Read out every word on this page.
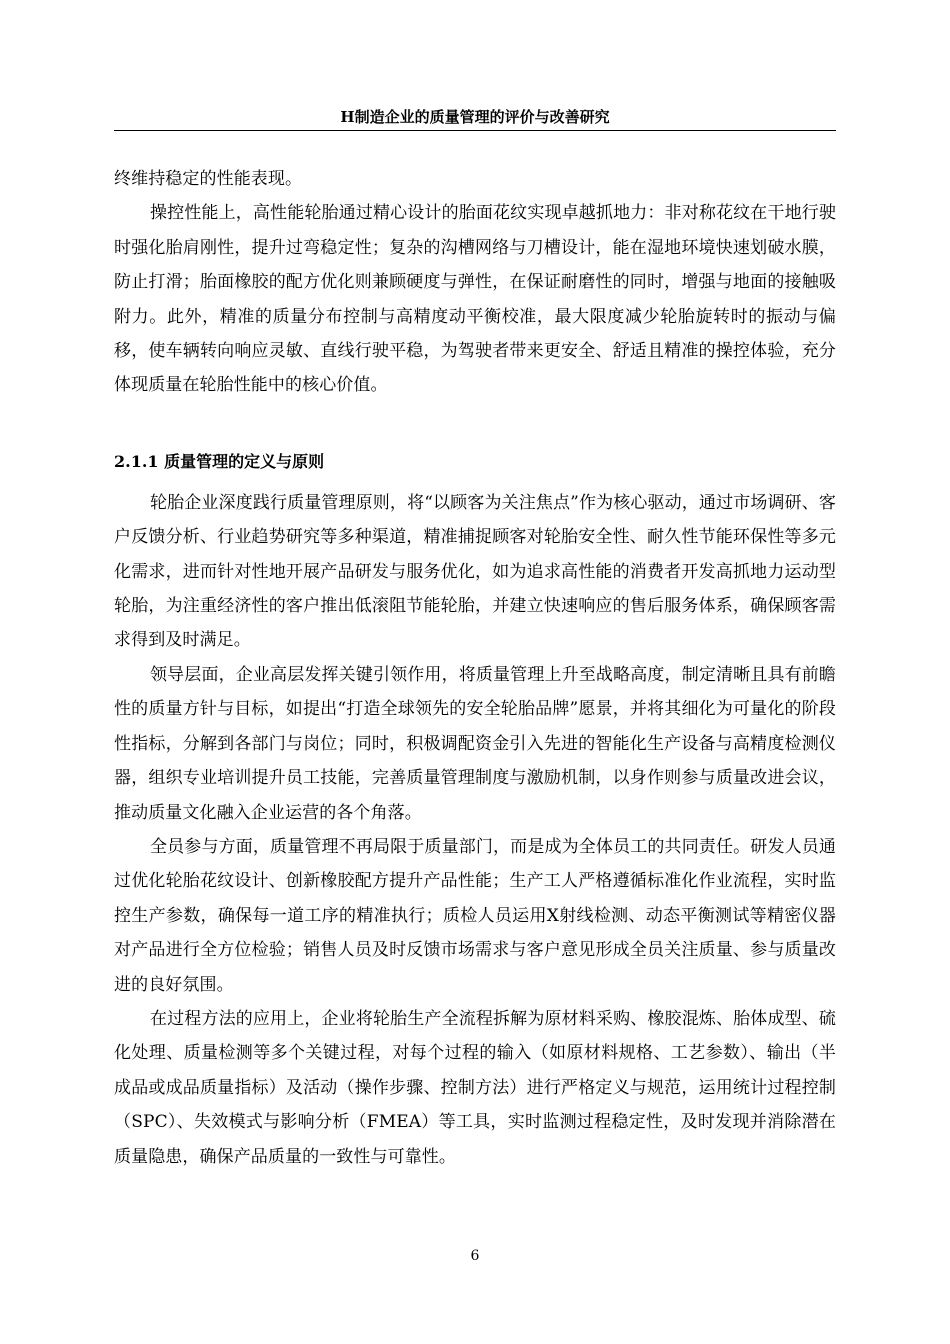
H制造企业的质量管理的评价与改善研究

终维持稳定的性能表现。

操控性能上，高性能轮胎通过精心设计的胎面花纹实现卓越抓地力：非对称花纹在干地行驶时强化胎肩刚性，提升过弯稳定性；复杂的沟槽网络与刀槽设计，能在湿地环境快速划破水膜，防止打滑；胎面橡胶的配方优化则兼顾硬度与弹性，在保证耐磨性的同时，增强与地面的接触吸附力。此外，精准的质量分布控制与高精度动平衡校准，最大限度减少轮胎旋转时的振动与偏移，使车辆转向响应灵敏、直线行驶平稳，为驾驶者带来更安全、舒适且精准的操控体验，充分体现质量在轮胎性能中的核心价值。

2.1.1 质量管理的定义与原则

轮胎企业深度践行质量管理原则，将“以顾客为关注焦点”作为核心驱动，通过市场调研、客户反馈分析、行业趋势研究等多种渠道，精准捕捉顾客对轮胎安全性、耐久性节能环保性等多元化需求，进而针对性地开展产品研发与服务优化，如为追求高性能的消费者开发高抓地力运动型轮胎，为注重经济性的客户推出低滚阻节能轮胎，并建立快速响应的售后服务体系，确保顾客需求得到及时满足。

领导层面，企业高层发挥关键引领作用，将质量管理上升至战略高度，制定清晰且具有前瞻性的质量方针与目标，如提出“打造全球领先的安全轮胎品牌”愿景，并将其细化为可量化的阶段性指标，分解到各部门与岗位；同时，积极调配资金引入先进的智能化生产设备与高精度检测仪器，组织专业培训提升员工技能，完善质量管理制度与激励机制，以身作则参与质量改进会议，推动质量文化融入企业运营的各个角落。

全员参与方面，质量管理不再局限于质量部门，而是成为全体员工的共同责任。研发人员通过优化轮胎花纹设计、创新橡胶配方提升产品性能；生产工人严格遵循标准化作业流程，实时监控生产参数，确保每一道工序的精准执行；质检人员运用X射线检测、动态平衡测试等精密仪器对产品进行全方位检验；销售人员及时反馈市场需求与客户意见形成全员关注质量、参与质量改进的良好氛围。

在过程方法的应用上，企业将轮胎生产全流程拆解为原材料采购、橡胶混炼、胎体成型、硫化处理、质量检测等多个关键过程，对每个过程的输入（如原材料规格、工艺参数）、输出（半成品或成品质量指标）及活动（操作步骤、控制方法）进行严格定义与规范，运用统计过程控制（SPC）、失效模式与影响分析（FMEA）等工具，实时监测过程稳定性，及时发现并消除潜在质量隐患，确保产品质量的一致性与可靠性。

6
